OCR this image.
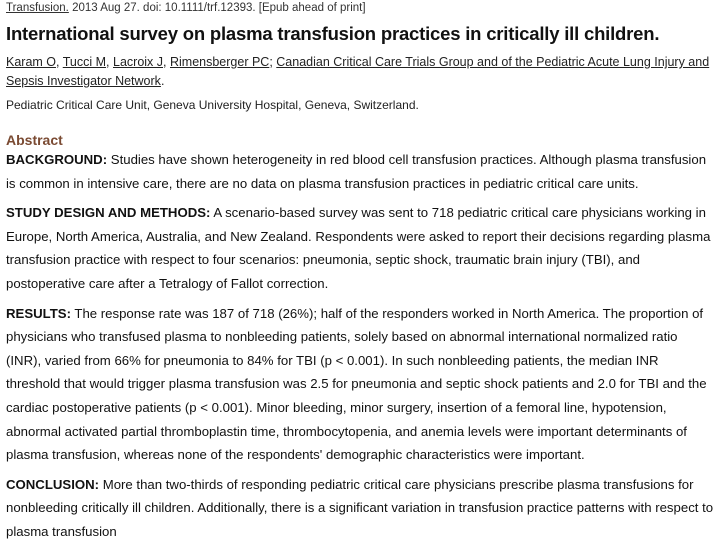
Transfusion. 2013 Aug 27. doi: 10.1111/trf.12393. [Epub ahead of print]
International survey on plasma transfusion practices in critically ill children.
Karam O, Tucci M, Lacroix J, Rimensberger PC; Canadian Critical Care Trials Group and of the Pediatric Acute Lung Injury and Sepsis Investigator Network.
Pediatric Critical Care Unit, Geneva University Hospital, Geneva, Switzerland.
Abstract
BACKGROUND: Studies have shown heterogeneity in red blood cell transfusion practices. Although plasma transfusion is common in intensive care, there are no data on plasma transfusion practices in pediatric critical care units.
STUDY DESIGN AND METHODS: A scenario-based survey was sent to 718 pediatric critical care physicians working in Europe, North America, Australia, and New Zealand. Respondents were asked to report their decisions regarding plasma transfusion practice with respect to four scenarios: pneumonia, septic shock, traumatic brain injury (TBI), and postoperative care after a Tetralogy of Fallot correction.
RESULTS: The response rate was 187 of 718 (26%); half of the responders worked in North America. The proportion of physicians who transfused plasma to nonbleeding patients, solely based on abnormal international normalized ratio (INR), varied from 66% for pneumonia to 84% for TBI (p < 0.001). In such nonbleeding patients, the median INR threshold that would trigger plasma transfusion was 2.5 for pneumonia and septic shock patients and 2.0 for TBI and the cardiac postoperative patients (p < 0.001). Minor bleeding, minor surgery, insertion of a femoral line, hypotension, abnormal activated partial thromboplastin time, thrombocytopenia, and anemia levels were important determinants of plasma transfusion, whereas none of the respondents' demographic characteristics were important.
CONCLUSION: More than two-thirds of responding pediatric critical care physicians prescribe plasma transfusions for nonbleeding critically ill children. Additionally, there is a significant variation in transfusion practice patterns with respect to plasma transfusion
